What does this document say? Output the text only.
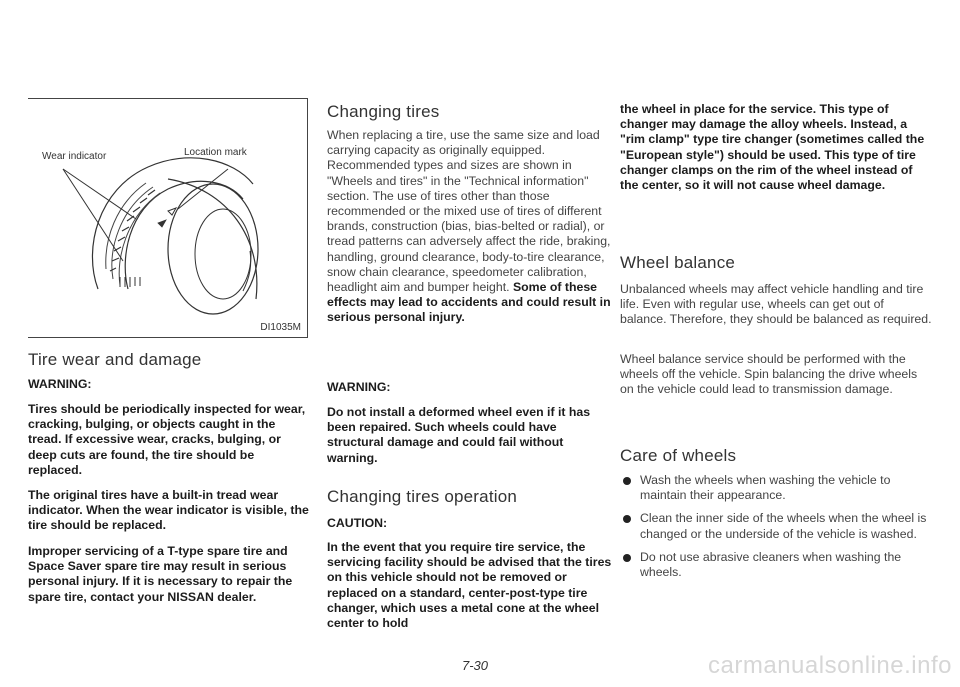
Wear indicator	Location mark
DI1035M
Tire wear and damage

WARNING:

Tires should be periodically inspected for wear, cracking, bulging, or objects caught in the tread. If excessive wear, cracks, bulging, or deep cuts are found, the tire should be replaced.

The original tires have a built-in tread wear indicator. When the wear indicator is visible, the tire should be replaced.

Improper servicing of a T-type spare tire and Space Saver spare tire may result in serious personal injury. If it is necessary to repair the spare tire, contact your NISSAN dealer.

Changing tires

When replacing a tire, use the same size and load carrying capacity as originally equipped. Recommended types and sizes are shown in "Wheels and tires" in the "Technical information" section. The use of tires other than those recommended or the mixed use of tires of different brands, construction (bias, bias-belted or radial), or tread patterns can adversely affect the ride, braking, handling, ground clearance, body-to-tire clearance, snow chain clearance, speedometer calibration, headlight aim and bumper height. Some of these effects may lead to accidents and could result in serious personal injury.

WARNING:

Do not install a deformed wheel even if it has been repaired. Such wheels could have structural damage and could fail without warning.

Changing tires operation

CAUTION:

In the event that you require tire service, the servicing facility should be advised that the tires on this vehicle should not be removed or replaced on a standard, center-post-type tire changer, which uses a metal cone at the wheel center to hold

the wheel in place for the service. This type of changer may damage the alloy wheels. Instead, a "rim clamp" type tire changer (sometimes called the "European style") should be used. This type of tire changer clamps on the rim of the wheel instead of the center, so it will not cause wheel damage.

Wheel balance

Unbalanced wheels may affect vehicle handling and tire life. Even with regular use, wheels can get out of balance. Therefore, they should be balanced as required.

Wheel balance service should be performed with the wheels off the vehicle. Spin balancing the drive wheels on the vehicle could lead to transmission damage.

Care of wheels
Wash the wheels when washing the vehicle to maintain their appearance.
Clean the inner side of the wheels when the wheel is changed or the underside of the vehicle is washed.
Do not use abrasive cleaners when washing the wheels.
7-30	carmanualsonline.info
